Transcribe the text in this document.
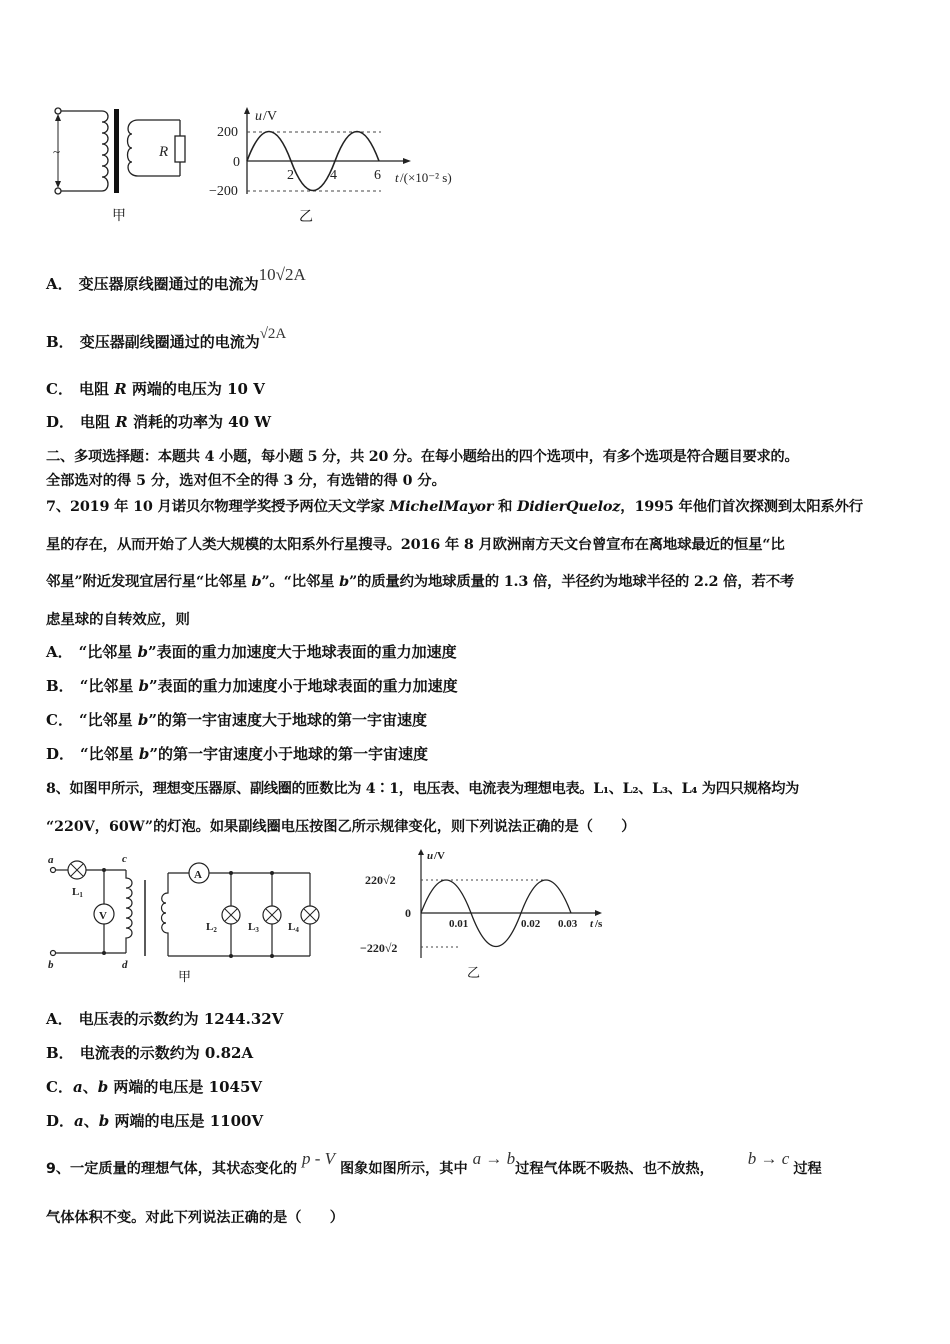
~	R
甲
u /V
200
0
−200
2	4	6 t /(×10⁻² s)
乙
A． 变压器原线圈通过的电流为10√2A
B． 变压器副线圈通过的电流为√2A
C． 电阻 R 两端的电压为 10 V
D． 电阻 R 消耗的功率为 40 W
二、多项选择题：本题共 4 小题，每小题 5 分，共 20 分。在每小题给出的四个选项中，有多个选项是符合题目要求的。
全部选对的得 5 分，选对但不全的得 3 分，有选错的得 0 分。
7、2019 年 10 月诺贝尔物理学奖授予两位天文学家 MichelMayor 和 DidierQueloz，1995 年他们首次探测到太阳系外行
星的存在，从而开始了人类大规模的太阳系外行星搜寻。2016 年 8 月欧洲南方天文台曾宣布在离地球最近的恒星“比
邻星”附近发现宜居行星“比邻星 b”。“比邻星 b”的质量约为地球质量的 1.3 倍，半径约为地球半径的 2.2 倍，若不考
虑星球的自转效应，则
A． “比邻星 b”表面的重力加速度大于地球表面的重力加速度
B． “比邻星 b”表面的重力加速度小于地球表面的重力加速度
C． “比邻星 b”的第一宇宙速度大于地球的第一宇宙速度
D． “比邻星 b”的第一宇宙速度小于地球的第一宇宙速度
8、如图甲所示，理想变压器原、副线圈的匝数比为 4∶1，电压表、电流表为理想电表。L₁、L₂、L₃、L₄ 为四只规格均为
“220V，60W”的灯泡。如果副线圈电压按图乙所示规律变化，则下列说法正确的是（　　）
V
A
a
b
c
d
L1
L2	L3	L4
甲
u /V
220√2
0
−220√2
0.01	0.02 0.03 t /s
乙
A． 电压表的示数约为 1244.32V
B． 电流表的示数约为 0.82A
C．a、b 两端的电压是 1045V
D．a、b 两端的电压是 1100V
9、一定质量的理想气体，其状态变化的 p - V 图象如图所示，其中 a → b过程气体既不吸热、也不放热，b → c过程
气体体积不变。对此下列说法正确的是（　　）
